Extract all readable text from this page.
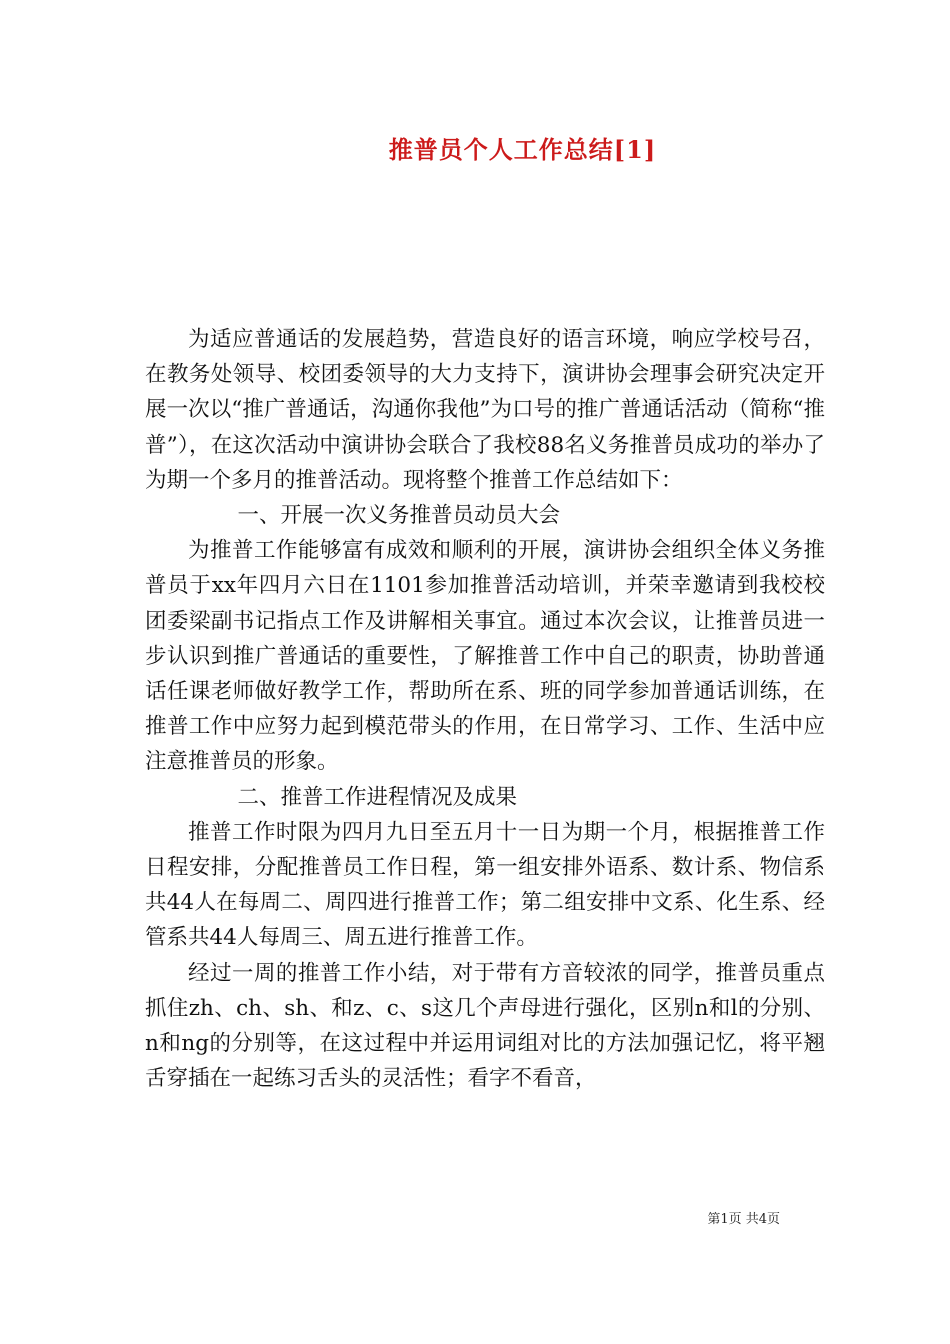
推普员个人工作总结[1]

为适应普通话的发展趋势，营造良好的语言环境，响应学校号召，在教务处领导、校团委领导的大力支持下，演讲协会理事会研究决定开展一次以“推广普通话，沟通你我他”为口号的推广普通话活动（简称“推普”），在这次活动中演讲协会联合了我校88名义务推普员成功的举办了为期一个多月的推普活动。现将整个推普工作总结如下：

一、开展一次义务推普员动员大会

为推普工作能够富有成效和顺利的开展，演讲协会组织全体义务推普员于xx年四月六日在1101参加推普活动培训，并荣幸邀请到我校校团委梁副书记指点工作及讲解相关事宜。通过本次会议，让推普员进一步认识到推广普通话的重要性，了解推普工作中自己的职责，协助普通话任课老师做好教学工作，帮助所在系、班的同学参加普通话训练，在推普工作中应努力起到模范带头的作用，在日常学习、工作、生活中应注意推普员的形象。

二、推普工作进程情况及成果

推普工作时限为四月九日至五月十一日为期一个月，根据推普工作日程安排，分配推普员工作日程，第一组安排外语系、数计系、物信系共44人在每周二、周四进行推普工作；第二组安排中文系、化生系、经管系共44人每周三、周五进行推普工作。

经过一周的推普工作小结，对于带有方音较浓的同学，推普员重点抓住zh、ch、sh、和z、c、s这几个声母进行强化，区别n和l的分别、n和ng的分别等，在这过程中并运用词组对比的方法加强记忆，将平翘舌穿插在一起练习舌头的灵活性；看字不看音，

第1页 共4页
